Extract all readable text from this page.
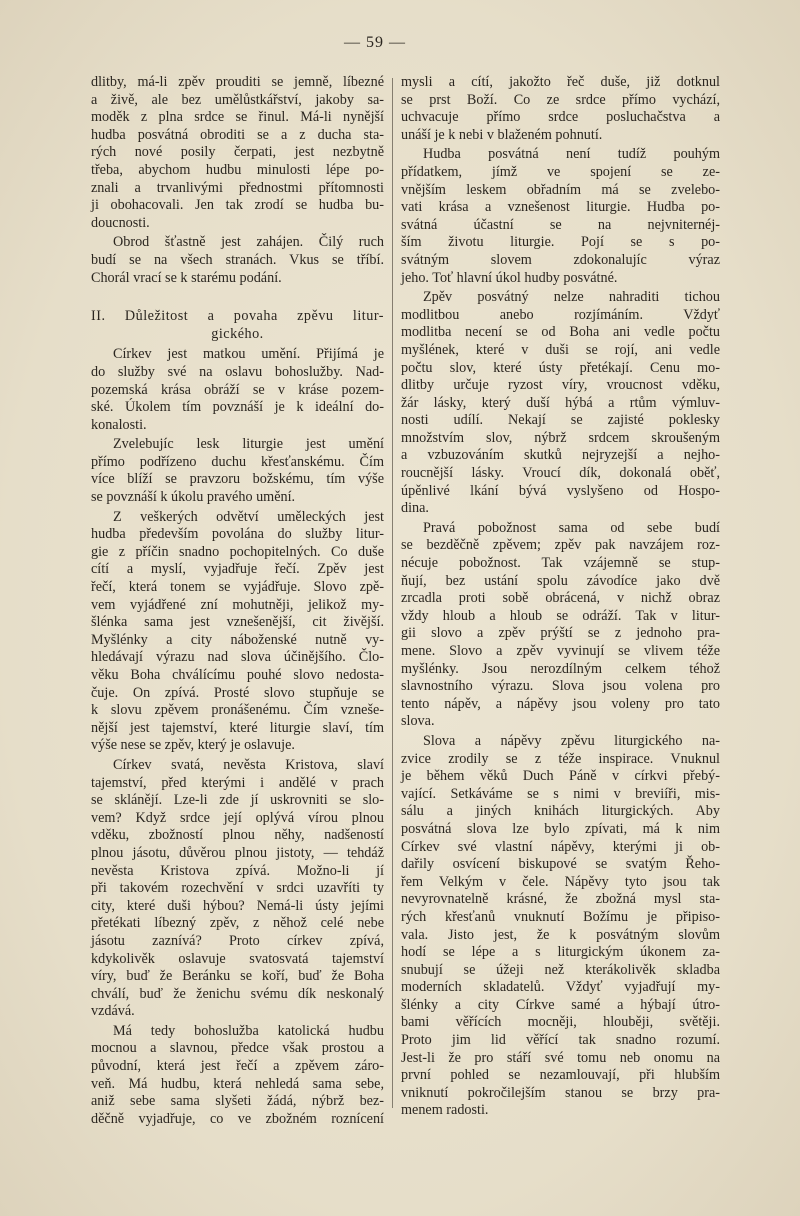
— 59 —
dlitby, má-li zpěv prouditi se jemně, líbezné
a živě, ale bez umělůstkářství, jakoby sa-
moděk z plna srdce se řinul. Má-li nynější
hudba posvátná obroditi se a z ducha sta-
rých nové posily čerpati, jest nezbytně
třeba, abychom hudbu minulosti lépe po-
znali a trvanlivými přednostmi přítomnosti
ji obohacovali. Jen tak zrodí se hudba bu-
doucnosti.
Obrod šťastně jest zahájen. Čilý ruch
budí se na všech stranách. Vkus se tříbí.
Chorál vrací se k starému podání.
II. Důležitost a povaha zpěvu litur-
gického.
Církev jest matkou umění. Přijímá je
do služby své na oslavu bohoslužby. Nad-
pozemská krása obráží se v kráse pozem-
ské. Úkolem tím povznáší je k ideální do-
konalosti.
Zvelebujíc lesk liturgie jest umění
přímo podřízeno duchu křesťanskému. Čím
více blíží se pravzoru božskému, tím výše
se povznáší k úkolu pravého umění.
Z veškerých odvětví uměleckých jest
hudba především povolána do služby litur-
gie z příčin snadno pochopitelných. Co duše
cítí a myslí, vyjadřuje řečí. Zpěv jest
řečí, která tonem se vyjádřuje. Slovo zpě-
vem vyjádřené zní mohutněji, jelikož my-
šlénka sama jest vznešenější, cit živější.
Myšlénky a city náboženské nutně vy-
hledávají výrazu nad slova účinějšího. Člo-
věku Boha chválícímu pouhé slovo nedosta-
čuje. On zpívá. Prosté slovo stupňuje se
k slovu zpěvem pronášenému. Čím vzneše-
nější jest tajemství, které liturgie slaví, tím
výše nese se zpěv, který je oslavuje.
Církev svatá, nevěsta Kristova, slaví
tajemství, před kterými i andělé v prach
se sklánějí. Lze-li zde jí uskrovniti se slo-
vem? Když srdce její oplývá vírou plnou
vděku, zbožností plnou něhy, nadšeností
plnou jásotu, důvěrou plnou jistoty, — tehdáž
nevěsta Kristova zpívá. Možno-li jí
při takovém rozechvění v srdci uzavříti ty
city, které duši hýbou? Nemá-li ústy jejími
přetékati líbezný zpěv, z něhož celé nebe
jásotu zaznívá? Proto církev zpívá,
kdykolivěk oslavuje svatosvatá tajemství
víry, buď že Beránku se koří, buď že Boha
chválí, buď že ženichu svému dík neskonalý
vzdává.
Má tedy bohoslužba katolická hudbu
mocnou a slavnou, předce však prostou a
původní, která jest řečí a zpěvem záro-
veň. Má hudbu, která nehledá sama sebe,
aniž sebe sama slyšeti žádá, nýbrž bez-
děčně vyjadřuje, co ve zbožném roznícení
mysli a cítí, jakožto řeč duše, již dotknul
se prst Boží. Co ze srdce přímo vychází,
uchvacuje přímo srdce posluchačstva a
unáší je k nebi v blaženém pohnutí.
Hudba posvátná není tudíž pouhým
přídatkem, jímž ve spojení se ze-
vnějším leskem obřadním má se zvelebo-
vati krása a vznešenost liturgie. Hudba po-
svátná účastní se na nejvniternéj-
ším životu liturgie. Pojí se s po-
svátným slovem zdokonalujíc výraz
jeho. Toť hlavní úkol hudby posvátné.
Zpěv posvátný nelze nahraditi tichou
modlitbou anebo rozjímáním. Vždyť
modlitba necení se od Boha ani vedle počtu
myšlének, které v duši se rojí, ani vedle
počtu slov, které ústy přetékají. Cenu mo-
dlitby určuje ryzost víry, vroucnost vděku,
žár lásky, který duší hýbá a rtům výmluv-
nosti udílí. Nekají se zajisté poklesky
množstvím slov, nýbrž srdcem skroušeným
a vzbuzováním skutků nejryzejší a nejho-
roucnější lásky. Vroucí dík, dokonalá oběť,
úpěnlivé lkání bývá vyslyšeno od Hospo-
dina.
Pravá pobožnost sama od sebe budí
se bezděčně zpěvem; zpěv pak navzájem roz-
nécuje pobožnost. Tak vzájemně se stup-
ňují, bez ustání spolu závodíce jako dvě
zrcadla proti sobě obrácená, v nichž obraz
vždy hloub a hloub se odráží. Tak v litur-
gii slovo a zpěv prýští se z jednoho pra-
mene. Slovo a zpěv vyvinují se vlivem téže
myšlénky. Jsou nerozdílným celkem téhož
slavnostního výrazu. Slova jsou volena pro
tento nápěv, a nápěvy jsou voleny pro tato
slova.
Slova a nápěvy zpěvu liturgického na-
zvice zrodily se z téže inspirace. Vnuknul
je během věků Duch Páně v církvi přebý-
vající. Setkáváme se s nimi v breviíři, mis-
sálu a jiných knihách liturgických. Aby
posvátná slova lze bylo zpívati, má k nim
Církev své vlastní nápěvy, kterými ji ob-
dařily osvícení biskupové se svatým Řeho-
řem Velkým v čele. Nápěvy tyto jsou tak
nevyrovnatelně krásné, že zbožná mysl sta-
rých křesťanů vnuknutí Božímu je připiso-
vala. Jisto jest, že k posvátným slovům
hodí se lépe a s liturgickým úkonem za-
snubují se úžeji než kterákolivěk skladba
moderních skladatelů. Vždyť vyjadřují my-
šlénky a city Církve samé a hýbají útro-
bami věřících mocněji, hlouběji, světěji.
Proto jim lid věřící tak snadno rozumí.
Jest-li že pro stáří své tomu neb onomu na
první pohled se nezamlouvají, při hlubším
vniknutí pokročilejším stanou se brzy pra-
menem radosti.
